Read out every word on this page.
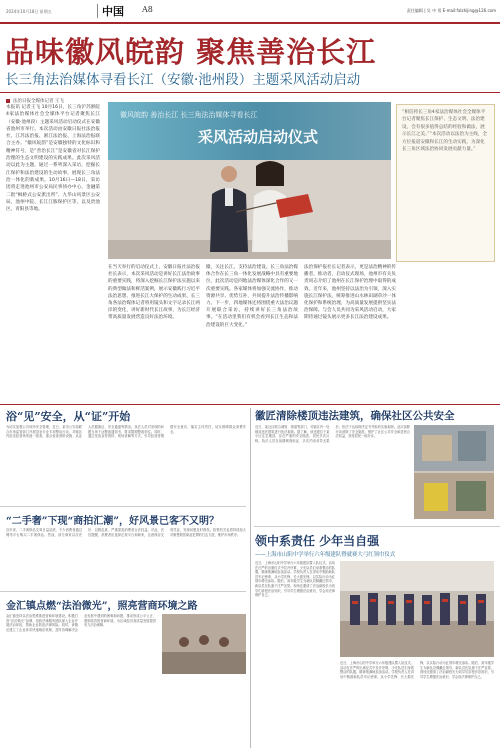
2024年10月18日 星期五	中国 A8	责任编辑 | 吴 中 男 E-mail:falzhijing@126.com
品味徽风皖韵 聚焦善治长江
长三角法治媒体寻看长江（安徽·池州段）主题采风活动启动
法治日报全媒体记者 王飞
本报讯 记者王飞 10月16日，长三角沪苏浙皖4家法治媒体社会全媒体平台记者聚焦长江（安徽·池州段）主题采风活动启动仪式在安徽省池州市举行。本次活动由安徽日报社法治报社、江苏法治报、浙江法治报、上海法治报联合主办。“徽风皖韵”是安徽独特的文化标识和精神符号，是“善治长江”是安徽省对长江保护治理的生态文明建设的实践成果。此次采风活动以此为主题，通过一系列深入采访，挖掘长江保护和法治建设的生动故事，展现长三角法治一体化的新成果。10月16日—18日，采访团将走进池州市公安局民事侦办中心、金融第二批“枫桥式公安派出所”、九华山风景区公安局、池州中院、长江江豚保护区等，以及贵池区、青阳县等地。
徽风皖韵 善治长江 长三角法治媒体寻看长江
采风活动启动仪式
“相信将长三角4家法治媒体社会全媒体平台记者聚焦长江保护、生态文明、法治建设，会有很多值得总结的经验和做法，展示长江之美。”“本次活动以法治为主线，全方位报道安徽和长江的生动实践，为深化长三角区域法治协同发展贡献力量。”
在当天举行的启动仪式上，安徽日报社法治报社长表示，本次采风活动是讲好长江法治故事的重要实践，将深入挖掘长江保护法实施以来的典型做法和鲜活案例，展示安徽践行习近平法治思想、推进长江大保护的生动成果。长三角各法治媒体记者将用镜头和文字记录长江两岸的变化，讲好新时代长江故事，为长江经济带高质量发展营造良好法治环境。
徽，关注长江，支持法治建设。长三角法治媒体合作在长三角一体化发展战略中具有重要地位，此次活动是四地法治媒体深化合作的又一次重要实践。各家媒体将加强交流协作，推动资源共享、优势互补，共同提升法治传播影响力。下一步，四地媒体还将围绕重大法治议题开展联合采访，持续讲好长三角法治故事。“在活动里我们有机会看到长江生态和法治建设的巨大变化。”
法治保护报社长记者表示，更是法治精神的传播者，推动者，启动仪式现场，池州市有关负责同志介绍了池州在长江保护治理中取得的成效。近年来，池州坚持以法治为引领，深入实施长江保护法，统筹推进山水林田湖草沙一体化保护和系统治理，为高质量发展提供坚实法治保障。与会人员共同为采风活动启动，大家期待通过镜头展示更多长江法治建设成果。
浴“见”安全，从“证”开始
为切实加强公共场所安全管理，近日，某市公安局联合市场监管部门开展浴室行业专项整治行动，对辖区内浴室经营场所逐一排查，重点检查消防设施、从业人员健康证、安全通道等情况。执法人员对发现的问题当场下达整改通知书，要求限期整改到位。同时，通过发放宣传资料、现场讲解等方式，引导经营者增强安全意识，落实主体责任，切实保障群众消费安全。
“二手奢”下现“商拍汇潮”，好风景已客不又明？
近年来，二手奢侈品交易日益活跃，不少消费者通过网络平台购买二手奢侈品。然而，部分商家以次充好、以假乱真，严重损害消费者合法权益。对此，法官提醒，消费者应选择正规平台和商家，注意保存交易凭证，发现问题及时维权。检察机关也将持续加大对制售假冒商品犯罪的打击力度，维护市场秩序。
金汇镇点燃“法治微光”，照亮营商环境之路
金汇镇坚持以法治思维推进营商环境建设，积极打造“法治微光”品牌，组织法律服务团队深入企业开展法治体检，帮助企业防范法律风险。同时，该镇还建立了企业诉求快速响应机制，及时协调解决企业发展中遇到的困难和问题，推动形成公平公正、透明高效的营商环境，为区域经济高质量发展提供有力法治保障。
徽匠清除楼顶违法建筑，确保社区公共安全
近日，某社区联合城管、街道等部门，对辖区内一处楼顶违法建筑进行依法拆除。据了解，该违建位于某小区住宅楼顶，存在严重的安全隐患，居民多次反映。执法人员在前期调查取证、多次约谈劝导无果后，依法下达拆除决定书并组织实施拆除。此次拆除行动消除了安全隐患，维护了社区公共安全和居民合法权益，获得居民一致好评。
领中系责任 少年当自强
——上海市山阳中学举行六年级建队暨就赛大弓红领巾仪式
近日，上海市山阳中学举行六年级建队暨入队仪式。活动在庄严的出旗仪式中拉开序幕，少先队员们身着整洁的队服，精神饱满地参加活动。学校负责人在讲话中勉励新队员牢记使命，从小学先锋、长大做先锋，以实际行动为红领巾增光添彩。随后，高年级学生为新队员佩戴红领巾，新队员在队旗下庄严宣誓。现场还邀请了法治副校长为同学们讲授法治知识，引导学生增强法治意识，学会用法律保护自己。
近日，上海市山阳中学举行六年级建队暨入队仪式。活动在庄严的出旗仪式中拉开序幕，少先队员们身着整洁的队服，精神饱满地参加活动。学校负责人在讲话中勉励新队员牢记使命，从小学先锋、长大做先锋，以实际行动为红领巾增光添彩。随后，高年级学生为新队员佩戴红领巾，新队员在队旗下庄严宣誓。现场还邀请了法治副校长为同学们讲授法治知识，引导学生增强法治意识，学会用法律保护自己。
